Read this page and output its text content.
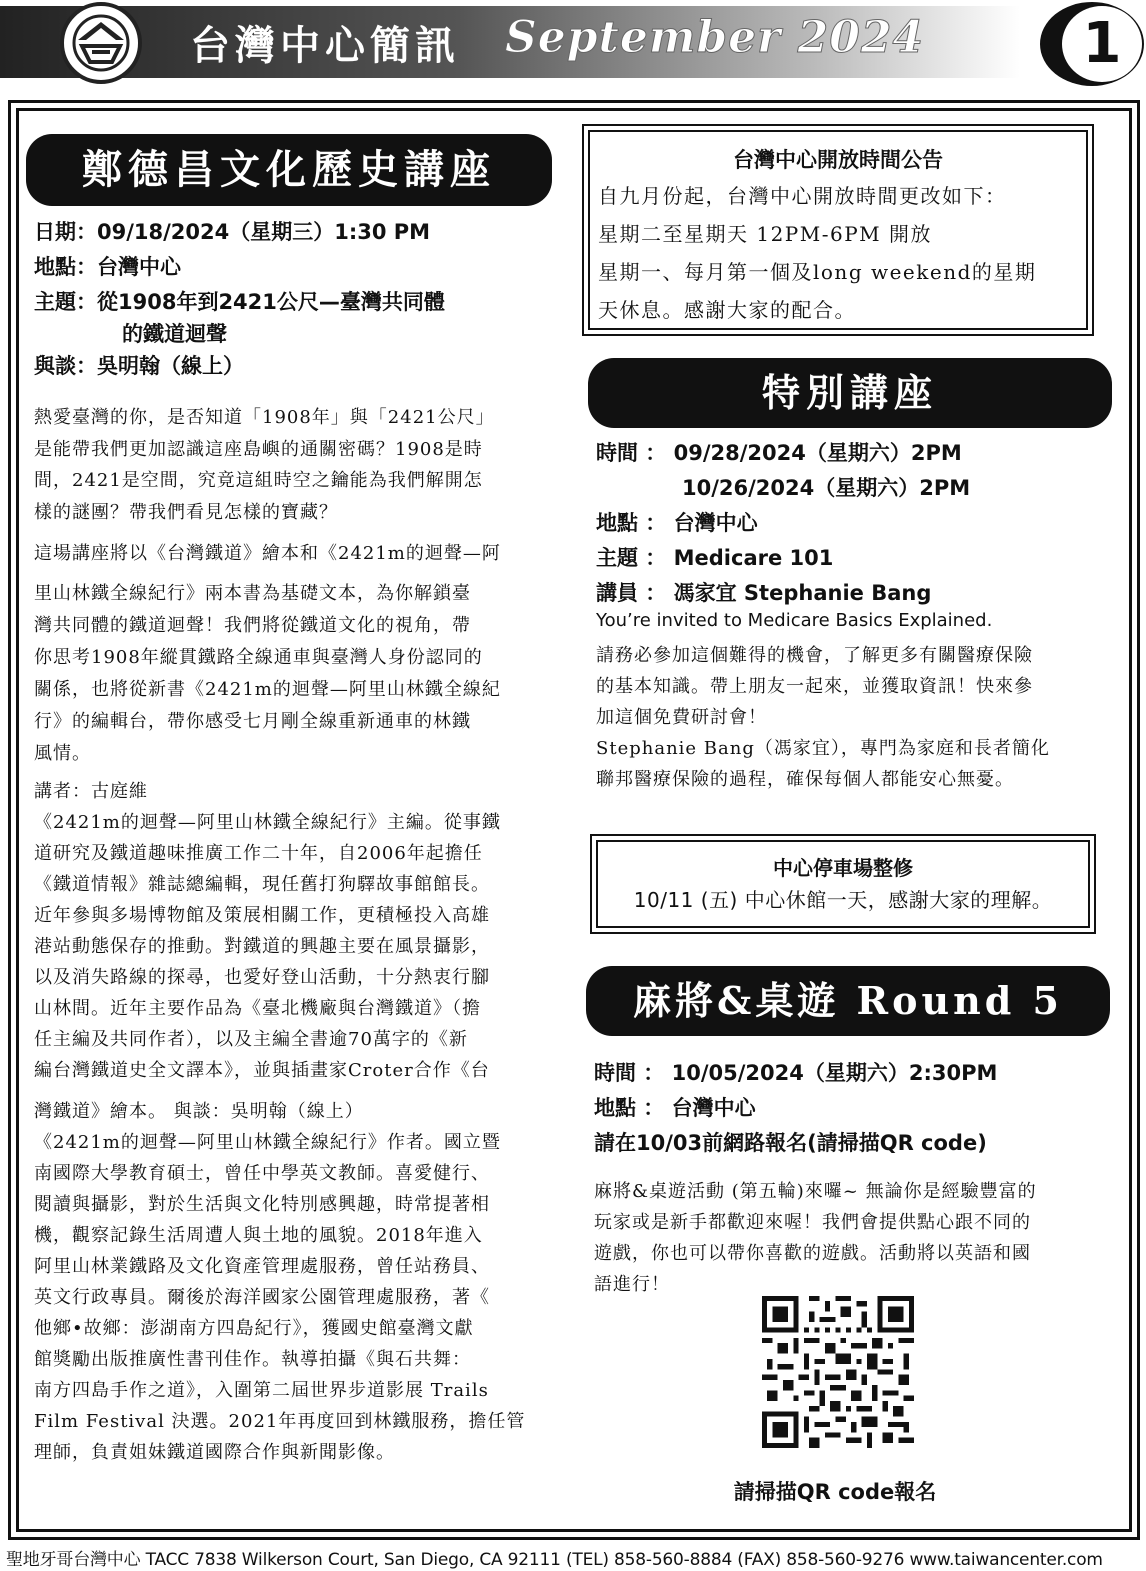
台灣中心簡訊 September 2024	1
鄭德昌文化歷史講座
日期：09/18/2024（星期三）1:30 PM
地點：台灣中心
主題：從1908年到2421公尺—臺灣共同體
的鐵道迴聲
與談：吳明翰（線上）

熱愛臺灣的你，是否知道「1908年」與「2421公尺」

是能帶我們更加認識這座島嶼的通關密碼？1908是時

間，2421是空間，究竟這組時空之鑰能為我們解開怎

樣的謎團？帶我們看見怎樣的寶藏？

這場講座將以《台灣鐵道》繪本和《2421m的迴聲—阿

里山林鐵全線紀行》兩本書為基礎文本，為你解鎖臺

灣共同體的鐵道迴聲！我們將從鐵道文化的視角，帶

你思考1908年縱貫鐵路全線通車與臺灣人身份認同的

關係，也將從新書《2421m的迴聲—阿里山林鐵全線紀

行》的編輯台，帶你感受七月剛全線重新通車的林鐵

風情。

講者：古庭維

《2421m的迴聲—阿里山林鐵全線紀行》主編。從事鐵

道研究及鐵道趣味推廣工作二十年，自2006年起擔任

《鐵道情報》雜誌總編輯，現任舊打狗驛故事館館長。

近年參與多場博物館及策展相關工作，更積極投入高雄

港站動態保存的推動。對鐵道的興趣主要在風景攝影，

以及消失路線的探尋，也愛好登山活動，十分熱衷行腳

山林間。近年主要作品為《臺北機廠與台灣鐵道》（擔

任主編及共同作者），以及主編全書逾70萬字的《新

編台灣鐵道史全文譯本》，並與插畫家Croter合作《台

灣鐵道》繪本。 與談：吳明翰（線上）

《2421m的迴聲—阿里山林鐵全線紀行》作者。國立暨

南國際大學教育碩士，曾任中學英文教師。喜愛健行、

閱讀與攝影，對於生活與文化特別感興趣，時常提著相

機，觀察記錄生活周遭人與土地的風貌。2018年進入

阿里山林業鐵路及文化資產管理處服務，曾任站務員、

英文行政專員。爾後於海洋國家公園管理處服務，著《

他鄉•故鄉：澎湖南方四島紀行》，獲國史館臺灣文獻

館獎勵出版推廣性書刊佳作。執導拍攝《與石共舞：

南方四島手作之道》，入圍第二屆世界步道影展 Trails

Film Festival 決選。2021年再度回到林鐵服務，擔任管

理師，負責姐妹鐵道國際合作與新聞影像。

台灣中心開放時間公告

自九月份起，台灣中心開放時間更改如下：

星期二至星期天 12PM-6PM 開放

星期一、每月第一個及long weekend的星期

天休息。感謝大家的配合。

特別講座
時間 ： 09/28/2024（星期六）2PM
10/26/2024（星期六）2PM
地點 ： 台灣中心
主題 ： Medicare 101
講員 ： 馮家宜 Stephanie Bang
You’re invited to Medicare Basics Explained.

請務必參加這個難得的機會，了解更多有關醫療保險

的基本知識。帶上朋友一起來，並獲取資訊！快來參

加這個免費研討會！

Stephanie Bang（馮家宜），專門為家庭和長者簡化

聯邦醫療保險的過程，確保每個人都能安心無憂。

中心停車場整修
10/11 (五) 中心休館一天，感謝大家的理解。
麻將&桌遊 Round 5
時間 ： 10/05/2024（星期六）2:30PM
地點 ： 台灣中心
請在10/03前網路報名(請掃描QR code)

麻將&桌遊活動 (第五輪)來囉~ 無論你是經驗豐富的

玩家或是新手都歡迎來喔！我們會提供點心跟不同的

遊戲，你也可以帶你喜歡的遊戲。活動將以英語和國

語進行！

請掃描QR code報名
聖地牙哥台灣中心 TACC 7838 Wilkerson Court, San Diego, CA 92111 (TEL) 858-560-8884 (FAX) 858-560-9276 www.taiwancenter.com
